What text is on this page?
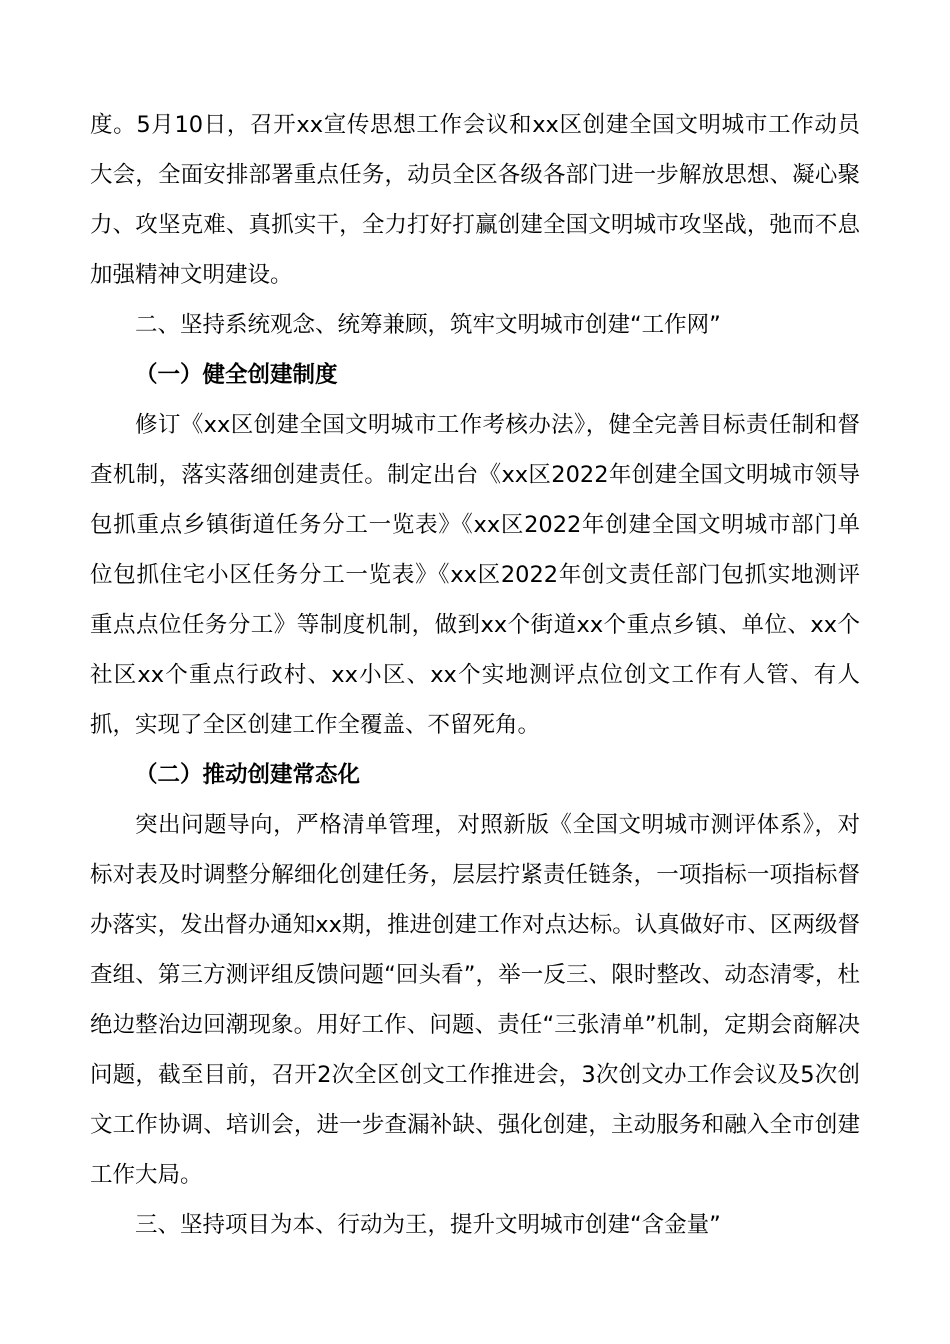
度。5月10日，召开xx宣传思想工作会议和xx区创建全国文明城市工作动员大会，全面安排部署重点任务，动员全区各级各部门进一步解放思想、凝心聚力、攻坚克难、真抓实干，全力打好打赢创建全国文明城市攻坚战，弛而不息加强精神文明建设。

二、坚持系统观念、统筹兼顾，筑牢文明城市创建“工作网”

（一）健全创建制度

修订《xx区创建全国文明城市工作考核办法》，健全完善目标责任制和督查机制，落实落细创建责任。制定出台《xx区2022年创建全国文明城市领导包抓重点乡镇街道任务分工一览表》《xx区2022年创建全国文明城市部门单位包抓住宅小区任务分工一览表》《xx区2022年创文责任部门包抓实地测评重点点位任务分工》等制度机制，做到xx个街道xx个重点乡镇、单位、xx个社区xx个重点行政村、xx小区、xx个实地测评点位创文工作有人管、有人抓，实现了全区创建工作全覆盖、不留死角。

（二）推动创建常态化

突出问题导向，严格清单管理，对照新版《全国文明城市测评体系》，对标对表及时调整分解细化创建任务，层层拧紧责任链条，一项指标一项指标督办落实，发出督办通知xx期，推进创建工作对点达标。认真做好市、区两级督查组、第三方测评组反馈问题“回头看”，举一反三、限时整改、动态清零，杜绝边整治边回潮现象。用好工作、问题、责任“三张清单”机制，定期会商解决问题，截至目前，召开2次全区创文工作推进会，3次创文办工作会议及5次创文工作协调、培训会，进一步查漏补缺、强化创建，主动服务和融入全市创建工作大局。

三、坚持项目为本、行动为王，提升文明城市创建“含金量”
